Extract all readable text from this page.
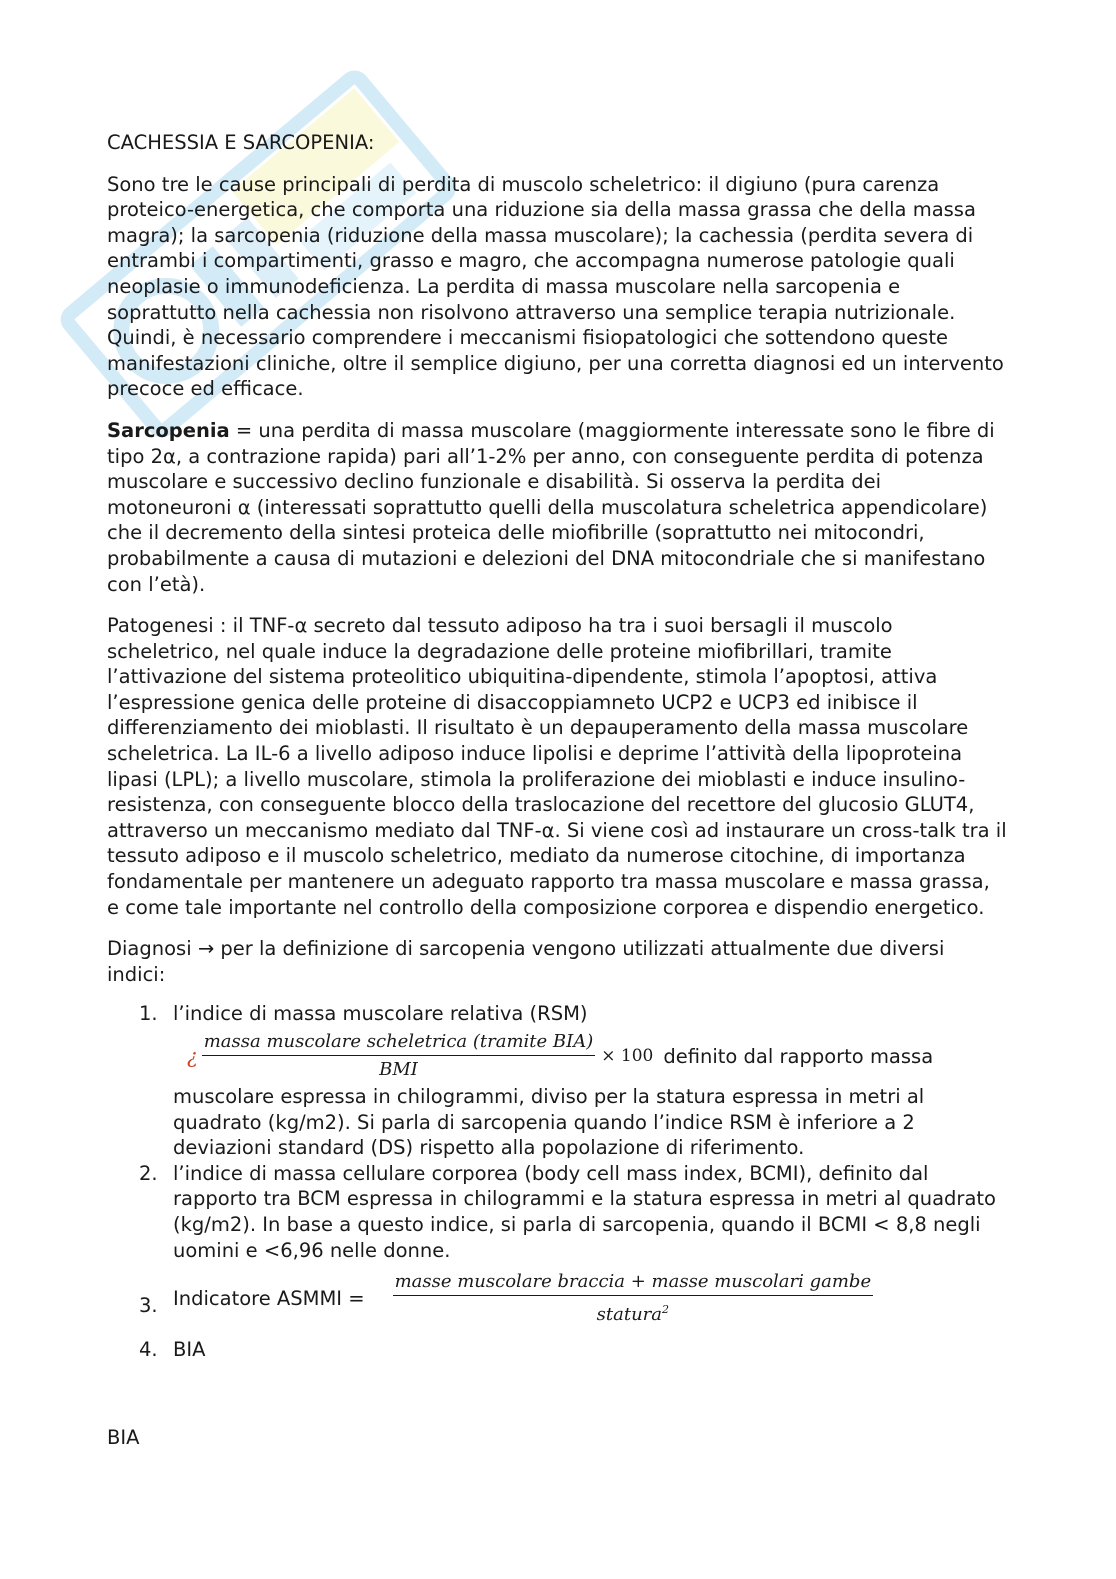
CACHESSIA E SARCOPENIA:

Sono tre le cause principali di perdita di muscolo scheletrico: il digiuno (pura carenza proteico-energetica, che comporta una riduzione sia della massa grassa che della massa magra); la sarcopenia (riduzione della massa muscolare); la cachessia (perdita severa di entrambi i compartimenti, grasso e magro, che accompagna numerose patologie quali neoplasie o immunodeficienza. La perdita di massa muscolare nella sarcopenia e soprattutto nella cachessia non risolvono attraverso una semplice terapia nutrizionale. Quindi, è necessario comprendere i meccanismi fisiopatologici che sottendono queste manifestazioni cliniche, oltre il semplice digiuno, per una corretta diagnosi ed un intervento precoce ed efficace.

Sarcopenia = una perdita di massa muscolare (maggiormente interessate sono le fibre di tipo 2α, a contrazione rapida) pari all’1-2% per anno, con conseguente perdita di potenza muscolare e successivo declino funzionale e disabilità. Si osserva la perdita dei motoneuroni α (interessati soprattutto quelli della muscolatura scheletrica appendicolare) che il decremento della sintesi proteica delle miofibrille (soprattutto nei mitocondri, probabilmente a causa di mutazioni e delezioni del DNA mitocondriale che si manifestano con l’età).

Patogenesi : il TNF-α secreto dal tessuto adiposo ha tra i suoi bersagli il muscolo scheletrico, nel quale induce la degradazione delle proteine miofibrillari, tramite l’attivazione del sistema proteolitico ubiquitina-dipendente, stimola l’apoptosi, attiva l’espressione genica delle proteine di disaccoppiamneto UCP2 e UCP3 ed inibisce il differenziamento dei mioblasti. Il risultato è un depauperamento della massa muscolare scheletrica. La IL-6 a livello adiposo induce lipolisi e deprime l’attività della lipoproteina lipasi (LPL); a livello muscolare, stimola la proliferazione dei mioblasti e induce insulino-resistenza, con conseguente blocco della traslocazione del recettore del glucosio GLUT4, attraverso un meccanismo mediato dal TNF-α. Si viene così ad instaurare un cross-talk tra il tessuto adiposo e il muscolo scheletrico, mediato da numerose citochine, di importanza fondamentale per mantenere un adeguato rapporto tra massa muscolare e massa grassa, e come tale importante nel controllo della composizione corporea e dispendio energetico.

Diagnosi → per la definizione di sarcopenia vengono utilizzati attualmente due diversi indici:

1. l’indice di massa muscolare relativa (RSM)
¿ $\frac{\text{massa muscolare scheletrica (tramite BIA)}}{\text{BMI}} \times 100$ definito dal rapporto massa
muscolare espressa in chilogrammi, diviso per la statura espressa in metri al quadrato (kg/m2). Si parla di sarcopenia quando l’indice RSM è inferiore a 2 deviazioni standard (DS) rispetto alla popolazione di riferimento.
2. l’indice di massa cellulare corporea (body cell mass index, BCMI), definito dal rapporto tra BCM espressa in chilogrammi e la statura espressa in metri al quadrato (kg/m2). In base a questo indice, si parla di sarcopenia, quando il BCMI < 8,8 negli uomini e <6,96 nelle donne.
3. Indicatore ASMMI = $\frac{\text{masse muscolare braccia + masse muscolari gambe}}{statura^2}$
4. BIA

BIA
